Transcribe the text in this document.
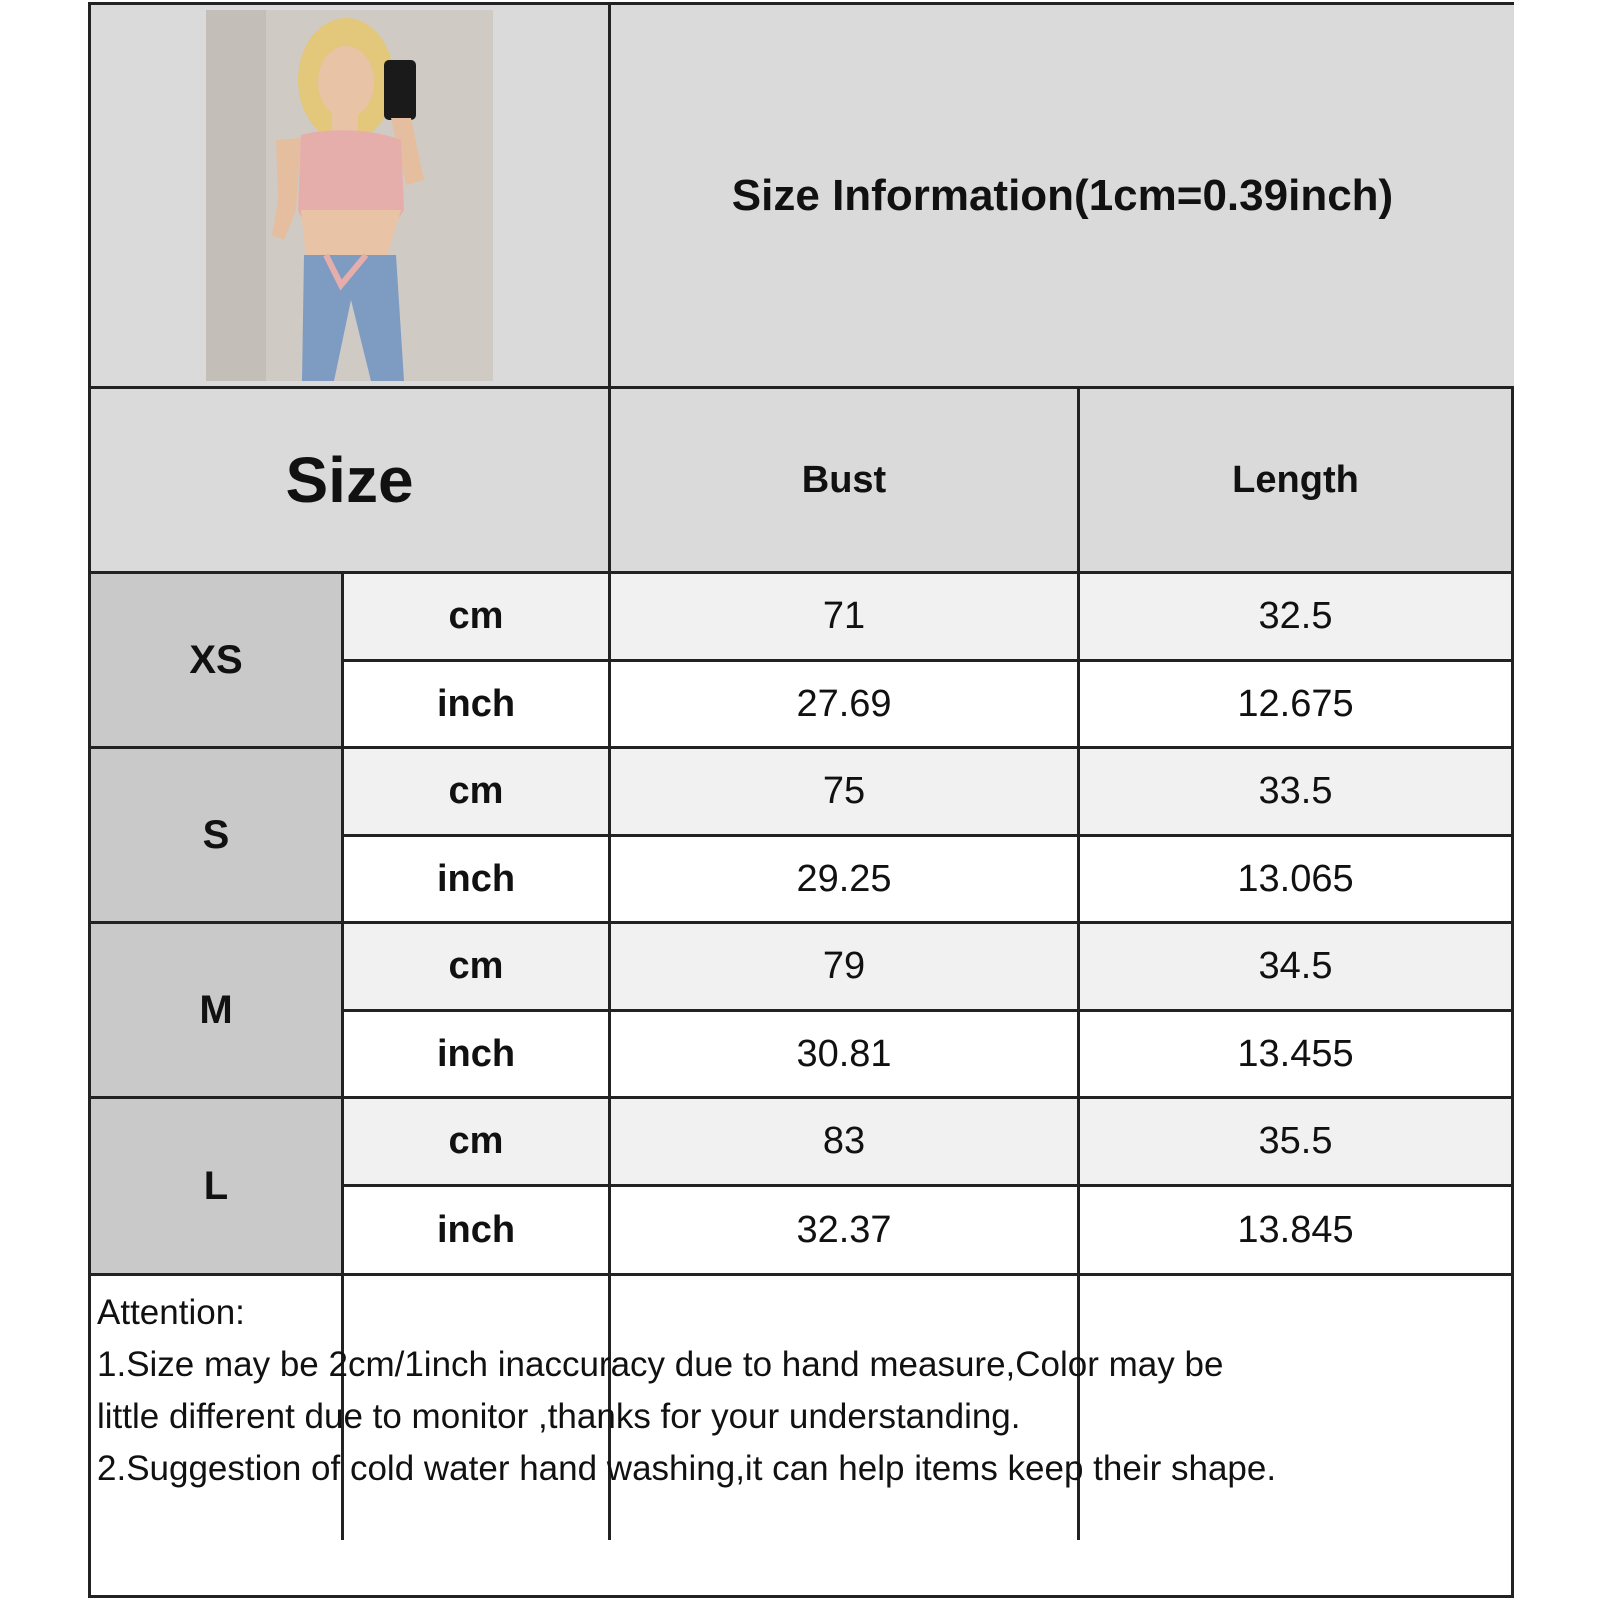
Size Information(1cm=0.39inch)
Size	Bust	Length
XS
cm	71	32.5
inch	27.69	12.675
S
cm	75	33.5
inch	29.25	13.065
M
cm	79	34.5
inch	30.81	13.455
L
cm	83	35.5
inch	32.37	13.845
Attention:
1.Size may be 2cm/1inch inaccuracy due to hand measure,Color may be
little different due to monitor ,thanks for your understanding.
2.Suggestion of cold water hand washing,it can help items keep their shape.
